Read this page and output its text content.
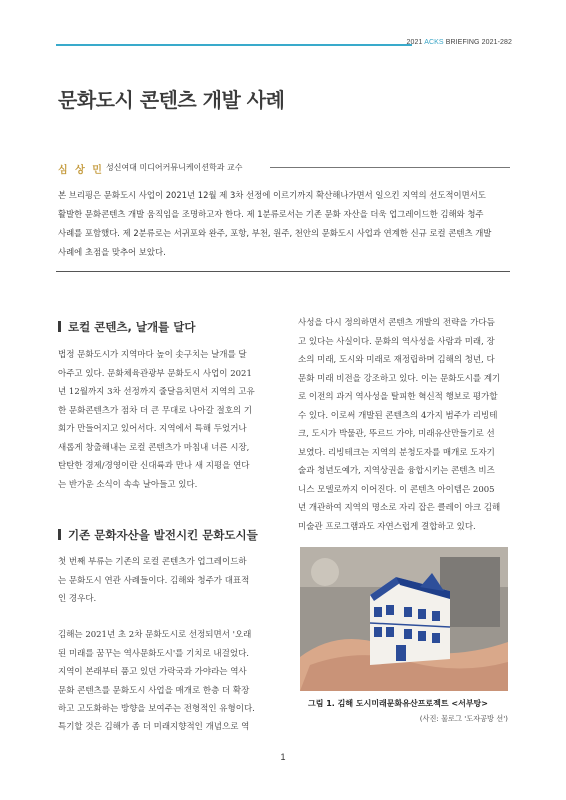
2021 ACKS BRIEFING 2021-282
문화도시 콘텐츠 개발 사례
심 상 민 성신여대 미디어커뮤니케이션학과 교수
본 브리핑은 문화도시 사업이 2021년 12월 제 3차 선정에 이르기까지 확산해나가면서 일으킨 지역의 선도적이면서도
활발한 문화콘텐츠 개발 움직임을 조명하고자 한다. 제 1분류로서는 기존 문화 자산을 더욱 업그레이드한 김해와 청주
사례를 포함했다. 제 2분류로는 서귀포와 완주, 포항, 부천, 원주, 천안의 문화도시 사업과 연계한 신규 로컬 콘텐츠 개발
사례에 초점을 맞추어 보았다.
로컬 콘텐츠, 날개를 달다
법정 문화도시가 지역마다 높이 솟구치는 날개를 달
아주고 있다. 문화체육관광부 문화도시 사업이 2021
년 12월까지 3차 선정까지 줄달음치면서 지역의 고유
한 문화콘텐츠가 점차 더 큰 무대로 나아갈 절호의 기
회가 만들어지고 있어서다. 지역에서 특해 두었거나
새롭게 창출해내는 로컬 콘텐츠가 마침내 너른 시장,
탄탄한 경제/경영이란 신대륙과 만나 새 지평을 연다
는 반가운 소식이 속속 날아들고 있다.
기존 문화자산을 발전시킨 문화도시들
첫 번째 부류는 기존의 로컬 콘텐츠가 업그레이드하
는 문화도시 연관 사례들이다. 김해와 청주가 대표적
인 경우다.
김해는 2021년 초 2차 문화도시로 선정되면서 '오래
된 미래를 꿈꾸는 역사문화도시'를 기치로 내걸었다.
지역이 본래부터 품고 있던 가락국과 가야라는 역사
문화 콘텐츠를 문화도시 사업을 매개로 한층 더 확장
하고 고도화하는 방향을 보여주는 전형적인 유형이다.
특기할 것은 김해가 좀 더 미래지향적인 개념으로 역
사성을 다시 정의하면서 콘텐츠 개발의 전략을 가다듬
고 있다는 사실이다. 문화의 역사성을 사람과 미래, 장
소의 미래, 도시와 미래로 재정립하며 김해의 청년, 다
문화 미래 비전을 강조하고 있다. 이는 문화도시를 계기
로 이전의 과거 역사성을 탈피한 혁신적 행보로 평가할
수 있다. 이로써 개발된 콘텐츠의 4가지 범주가 리빙테
크, 도시가 박물관, 뚜르드 가야, 미래유산만들기로 선
보였다. 리빙테크는 지역의 분청도자를 매개로 도자기
술과 청년도예가, 지역상권을 융합시키는 콘텐츠 비즈
니스 모델로까지 이어진다. 이 콘텐츠 아이템은 2005
년 개관하여 지역의 명소로 자리 잡은 클레이 아크 김해
미술관 프로그램과도 자연스럽게 결합하고 있다.
그림 1. 김해 도시미래문화유산프로젝트 <서부탕>
(사진: 물로그 '도자공방 선')
1
